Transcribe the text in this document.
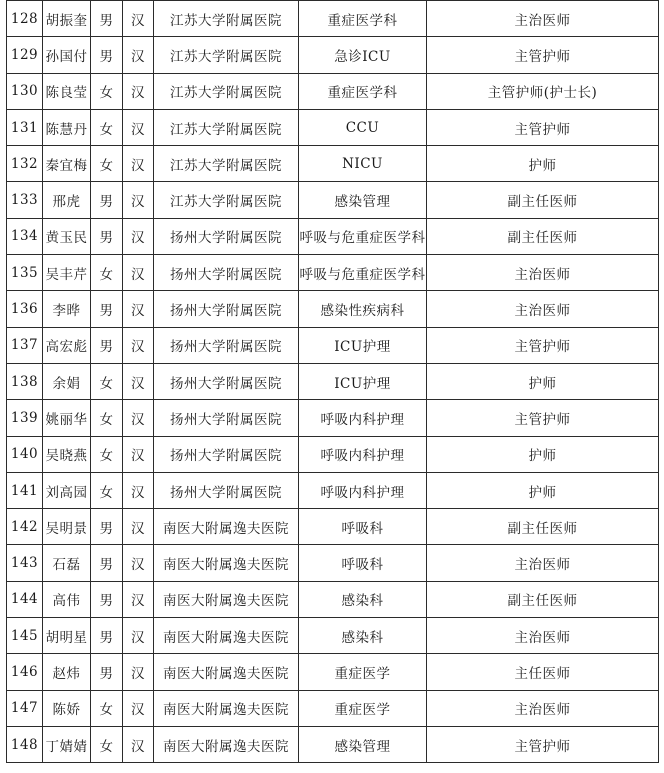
128	胡振奎	男	汉	江苏大学附属医院	重症医学科	主治医师
129	孙国付	男	汉	江苏大学附属医院	急诊ICU	主管护师
130	陈良莹	女	汉	江苏大学附属医院	重症医学科	主管护师(护士长)
131	陈慧丹	女	汉	江苏大学附属医院	CCU	主管护师
132	秦宜梅	女	汉	江苏大学附属医院	NICU	护师
133	邢虎	男	汉	江苏大学附属医院	感染管理	副主任医师
134	黄玉民	男	汉	扬州大学附属医院	呼吸与危重症医学科	副主任医师
135	吴丰芹	女	汉	扬州大学附属医院	呼吸与危重症医学科	主治医师
136	李晔	男	汉	扬州大学附属医院	感染性疾病科	主治医师
137	高宏彪	男	汉	扬州大学附属医院	ICU护理	主管护师
138	余娟	女	汉	扬州大学附属医院	ICU护理	护师
139	姚丽华	女	汉	扬州大学附属医院	呼吸内科护理	主管护师
140	吴晓燕	女	汉	扬州大学附属医院	呼吸内科护理	护师
141	刘高园	女	汉	扬州大学附属医院	呼吸内科护理	护师
142	吴明景	男	汉	南医大附属逸夫医院	呼吸科	副主任医师
143	石磊	男	汉	南医大附属逸夫医院	呼吸科	主治医师
144	高伟	男	汉	南医大附属逸夫医院	感染科	副主任医师
145	胡明星	男	汉	南医大附属逸夫医院	感染科	主治医师
146	赵炜	男	汉	南医大附属逸夫医院	重症医学	主任医师
147	陈娇	女	汉	南医大附属逸夫医院	重症医学	主治医师
148	丁婧婧	女	汉	南医大附属逸夫医院	感染管理	主管护师
